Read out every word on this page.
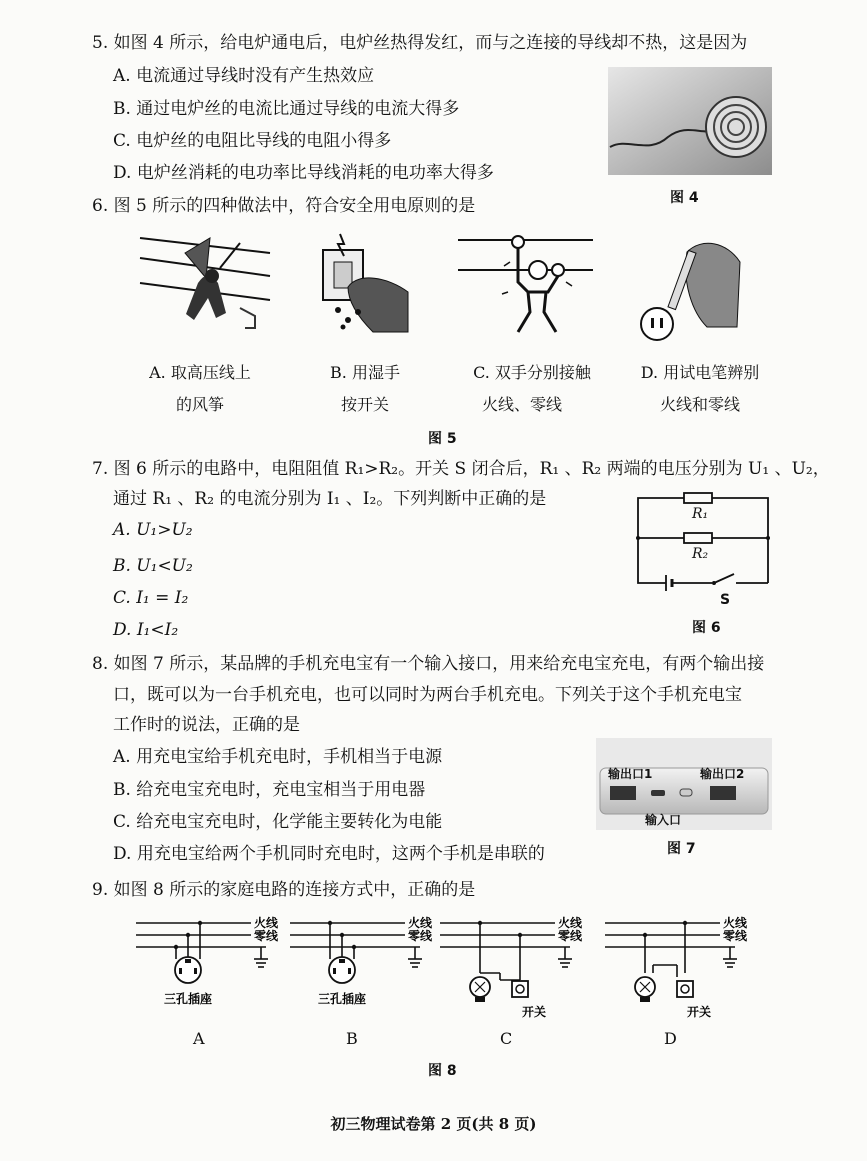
5. 如图 4 所示，给电炉通电后，电炉丝热得发红，而与之连接的导线却不热，这是因为
A. 电流通过导线时没有产生热效应
B. 通过电炉丝的电流比通过导线的电流大得多
C. 电炉丝的电阻比导线的电阻小得多
D. 电炉丝消耗的电功率比导线消耗的电功率大得多
图 4
6. 图 5 所示的四种做法中，符合安全用电原则的是
A. 取高压线上
的风筝
B. 用湿手
按开关
C. 双手分别接触
火线、零线
D. 用试电笔辨别
火线和零线
图 5
7. 图 6 所示的电路中，电阻阻值 R₁>R₂。开关 S 闭合后，R₁ 、R₂ 两端的电压分别为 U₁ 、U₂，
通过 R₁ 、R₂ 的电流分别为 I₁ 、I₂。下列判断中正确的是
A. U₁>U₂
B. U₁<U₂
C. I₁ = I₂
D. I₁<I₂
R₁
R₂
S
图 6
8. 如图 7 所示，某品牌的手机充电宝有一个输入接口，用来给充电宝充电，有两个输出接
口，既可以为一台手机充电，也可以同时为两台手机充电。下列关于这个手机充电宝
工作时的说法，正确的是
A. 用充电宝给手机充电时，手机相当于电源
B. 给充电宝充电时，充电宝相当于用电器
C. 给充电宝充电时，化学能主要转化为电能
D. 用充电宝给两个手机同时充电时，这两个手机是串联的
输出口1	输出口2
输入口
图 7
9. 如图 8 所示的家庭电路的连接方式中，正确的是
火线
零线
三孔插座
火线
零线
三孔插座
火线
零线
开关
火线
零线
开关
A	B	C	D
图 8
初三物理试卷第 2 页(共 8 页)
